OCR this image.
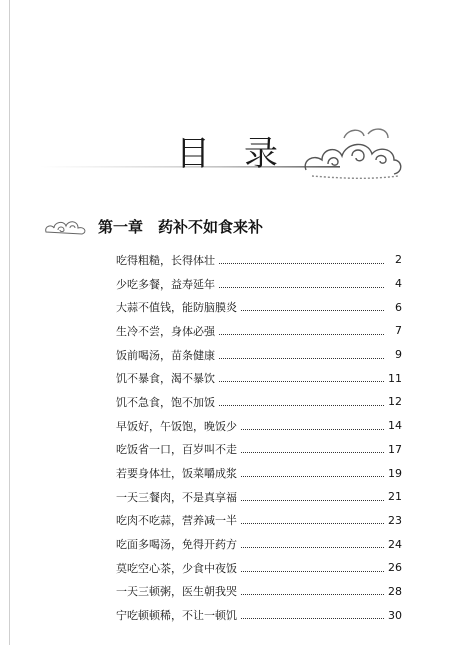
目录
第一章　药补不如食来补
吃得粗糙，长得体壮	2
少吃多餐，益寿延年	4
大蒜不值钱，能防脑膜炎	6
生冷不尝，身体必强	7
饭前喝汤，苗条健康	9
饥不暴食，渴不暴饮	11
饥不急食，饱不加饭	12
早饭好，午饭饱，晚饭少	14
吃饭省一口，百岁叫不走	17
若要身体壮，饭菜嚼成浆	19
一天三餐肉，不是真享福	21
吃肉不吃蒜，营养减一半	23
吃面多喝汤，免得开药方	24
莫吃空心茶，少食中夜饭	26
一天三顿粥，医生朝我哭	28
宁吃顿顿稀，不让一顿饥	30
